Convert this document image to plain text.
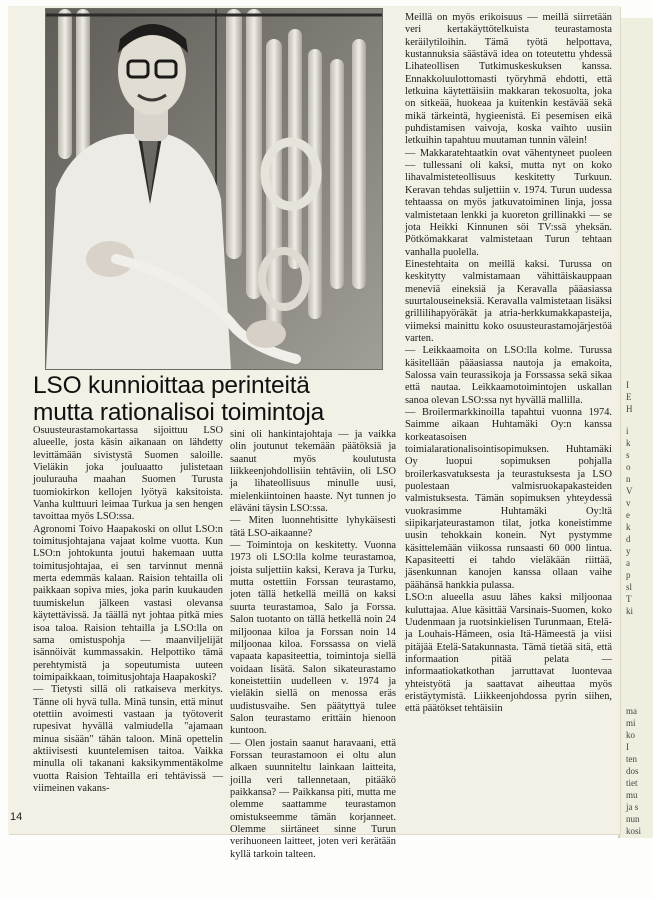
I
E
H
i
k
s
o
n
V
v
e
k
d
y
a
p
sl
T
ki
ma
mi
ko
I
ten
dos
tiet
mu
ja s
nun
kosi
LSO kunnioittaa perinteitä
mutta rationalisoi toimintoja

Osuusteurastamokartassa sijoittuu LSO alueelle, josta käsin aikanaan on lähdetty levittämään sivistystä Suomen saloille. Vieläkin joka jouluaatto julistetaan joulurauha maahan Suomen Turusta tuomiokirkon kellojen lyötyä kaksitoista. Vanha kulttuuri leimaa Turkua ja sen hengen tavoittaa myös LSO:ssa.

Agronomi Toivo Haapakoski on ollut LSO:n toimitusjohtajana vajaat kolme vuotta. Kun LSO:n johtokunta joutui hakemaan uutta toimitusjohtajaa, ei sen tarvinnut mennä merta edemmäs kalaan. Raision tehtailla oli paikkaan sopiva mies, joka parin kuukauden tuumiskelun jälkeen vastasi olevansa käytettävissä. Ja täällä nyt johtaa pitkä mies isoa taloa. Raision tehtailla ja LSO:lla on sama omistuspohja — maanviljelijät isännöivät kummassakin. Helpottiko tämä perehtymistä ja sopeutumista uuteen toimipaikkaan, toimitusjohtaja Haapakoski?

— Tietysti sillä oli ratkaiseva merkitys. Tänne oli hyvä tulla. Minä tunsin, että minut otettiin avoimesti vastaan ja työtoverit rupesivat hyvällä valmiudella "ajamaan minua sisään" tähän taloon. Minä opettelin aktiivisesti kuuntelemisen taitoa. Vaikka minulla oli takanani kaksikymmentäkolme vuotta Raision Tehtailla eri tehtävissä — viimeinen vakans-

sini oli hankintajohtaja — ja vaikka olin joutunut tekemään päätöksiä ja saanut myös koulutusta liikkeenjohdollisiin tehtäviin, oli LSO ja lihateollisuus minulle uusi, mielenkiintoinen haaste. Nyt tunnen jo eläväni täysin LSO:ssa.

— Miten luonnehtisitte lyhykäisesti tätä LSO-aikaanne?

— Toimintoja on keskitetty. Vuonna 1973 oli LSO:lla kolme teurastamoa, joista suljettiin kaksi, Kerava ja Turku, mutta ostettiin Forssan teurastamo, joten tällä hetkellä meillä on kaksi suurta teurastamoa, Salo ja Forssa. Salon tuotanto on tällä hetkellä noin 24 miljoonaa kiloa ja Forssan noin 14 miljoonaa kiloa. Forssassa on vielä vapaata kapasiteettia, toimintoja siellä voidaan lisätä. Salon sikateurastamo koneistettiin uudelleen v. 1974 ja vieläkin siellä on menossa eräs uudistusvaihe. Sen päätyttyä tulee Salon teurastamo erittäin hienoon kuntoon.

— Olen jostain saanut haravaani, että Forssan teurastamoon ei oltu alun alkaen suunniteltu lainkaan laitteita, joilla veri tallennetaan, pitääkö paikkansa? — Paikkansa piti, mutta me olemme saattamme teurastamon omistukseemme tämän korjanneet. Olemme siirtäneet sinne Turun verihuoneen laitteet, joten veri kerätään kyllä tarkoin talteen.

Meillä on myös erikoisuus — meillä siirretään veri kertakäyttötelkuista teurastamosta keräilytiloihin. Tämä työtä helpottava, kustannuksia säästävä idea on toteutettu yhdessä Lihateollisen Tutkimuskeskuksen kanssa. Ennakkoluulottomasti työryhmä ehdotti, että letkuina käytettäisiin makkaran tekosuolta, joka on sitkeää, huokeaa ja kuitenkin kestävää sekä mikä tärkeintä, hygieenistä. Ei pesemisen eikä puhdistamisen vaivoja, koska vaihto uusiin letkuihin tapahtuu muutaman tunnin välein!

— Makkaratehtaatkin ovat vähentyneet puoleen — tullessani oli kaksi, mutta nyt on koko lihavalmisteteollisuus keskitetty Turkuun. Keravan tehdas suljettiin v. 1974. Turun uudessa tehtaassa on myös jatkuvatoiminen linja, jossa valmistetaan lenkki ja kuoreton grillinakki — se jota Heikki Kinnunen söi TV:ssä yheksän. Pötkömakkarat valmistetaan Turun tehtaan vanhalla puolella.

Einestehtaita on meillä kaksi. Turussa on keskitytty valmistamaan vähittäiskauppaan meneviä eineksiä ja Keravalla pääasiassa suurtalouseineksiä. Keravalla valmistetaan lisäksi grillilihapyöräkät ja atria-herkkumakkapasteija, viimeksi mainittu koko osuusteurastamojärjestöä varten.

— Leikkaamoita on LSO:lla kolme. Turussa käsitellään pääasiassa nautoja ja emakoita, Salossa vain teurassikoja ja Forssassa sekä sikaa että nautaa. Leikkaamotoimintojen uskallan sanoa olevan LSO:ssa nyt hyvällä mallilla.

— Broilermarkkinoilla tapahtui vuonna 1974. Saimme aikaan Huhtamäki Oy:n kanssa korkeatasoisen toimialarationalisointisopimuksen. Huhtamäki Oy luopui sopimuksen pohjalla broilerkasvatuksesta ja teurastuksesta ja LSO puolestaan valmisruokapakasteiden valmistuksesta. Tämän sopimuksen yhteydessä vuokrasimme Huhtamäki Oy:ltä siipikarjateurastamon tilat, jotka koneistimme uusin tehokkain konein. Nyt pystymme käsittelemään viikossa runsaasti 60 000 lintua. Kapasiteetti ei tahdo vieläkään riittää, jäsenkunnan kanojen kanssa ollaan vaihe päähänsä hankkia pulassa.

LSO:n alueella asuu lähes kaksi miljoonaa kuluttajaa. Alue käsittää Varsinais-Suomen, koko Uudenmaan ja ruotsinkielisen Turunmaan, Etelä- ja Louhais-Hämeen, osia Itä-Hämeestä ja viisi pitäjää Etelä-Satakunnasta. Tämä tietää sitä, että informaation pitää pelata — informaatiokatkothan jarruttavat luontevaa yhteistyötä ja saattavat aiheuttaa myös eristäytymistä. Liikkeenjohdossa pyrin siihen, että päätökset tehtäisiin

14
